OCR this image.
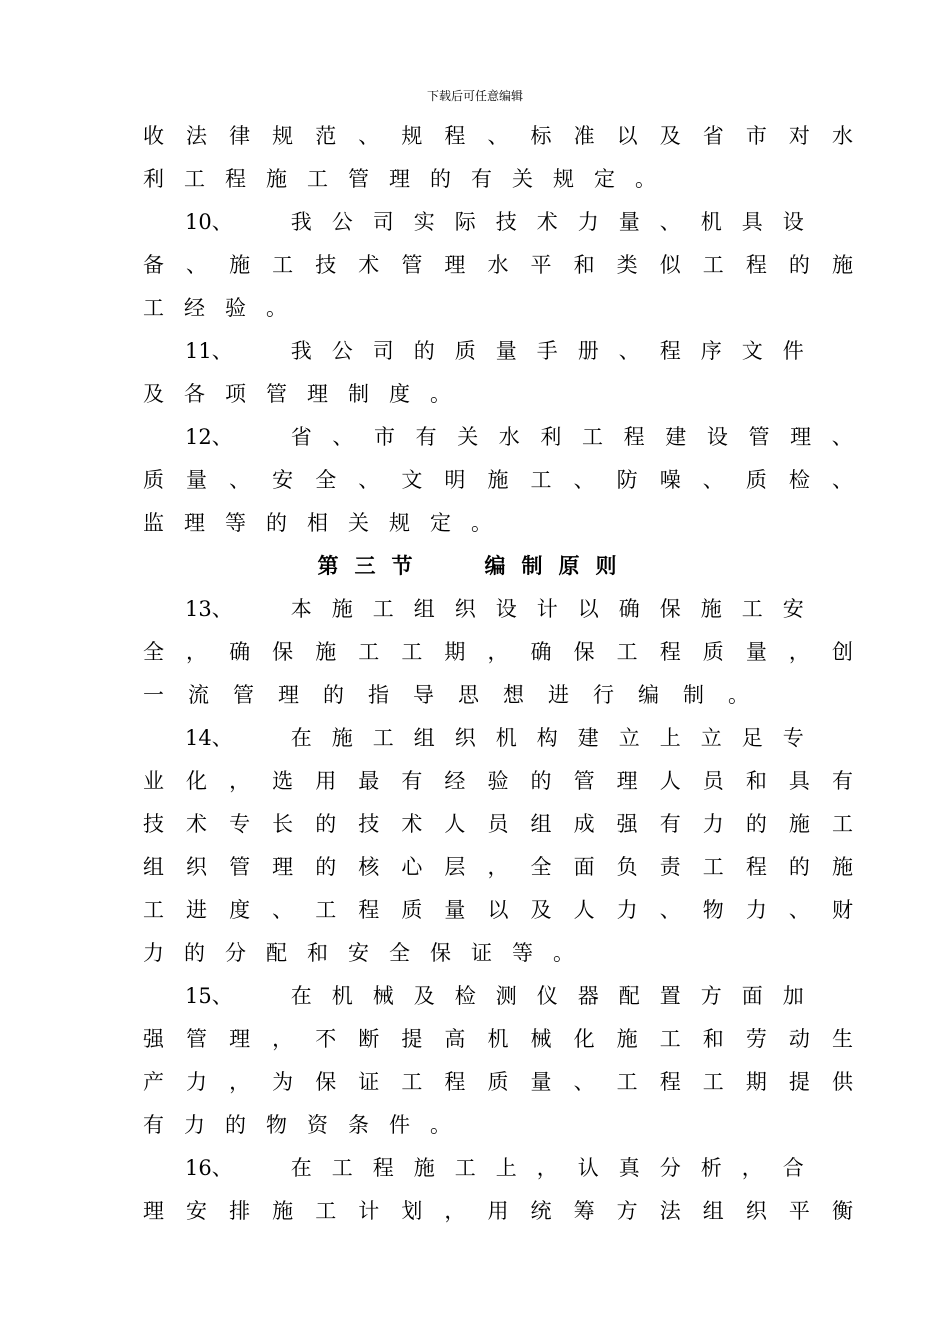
下载后可任意编辑
收法律规范、规程、标准以及省市对水
利工程施工管理的有关规定。
10、	我公司实际技术力量、机具设
备、施工技术管理水平和类似工程的施
工经验。
11、	我公司的质量手册、程序文件
及各项管理制度。
12、	省、市有关水利工程建设管理、
质量、安全、文明施工、防噪、质检、
监理等的相关规定。
第三节	编制原则
13、	本施工组织设计以确保施工安
全，确保施工工期，确保工程质量，创
一流管理的指导思想进行编制。
14、	在施工组织机构建立上立足专
业化，选用最有经验的管理人员和具有
技术专长的技术人员组成强有力的施工
组织管理的核心层，全面负责工程的施
工进度、工程质量以及人力、物力、财
力的分配和安全保证等。
15、	在机械及检测仪器配置方面加
强管理，不断提高机械化施工和劳动生
产力，为保证工程质量、工程工期提供
有力的物资条件。
16、	在工程施工上，认真分析，合
理安排施工计划，用统筹方法组织平衡
